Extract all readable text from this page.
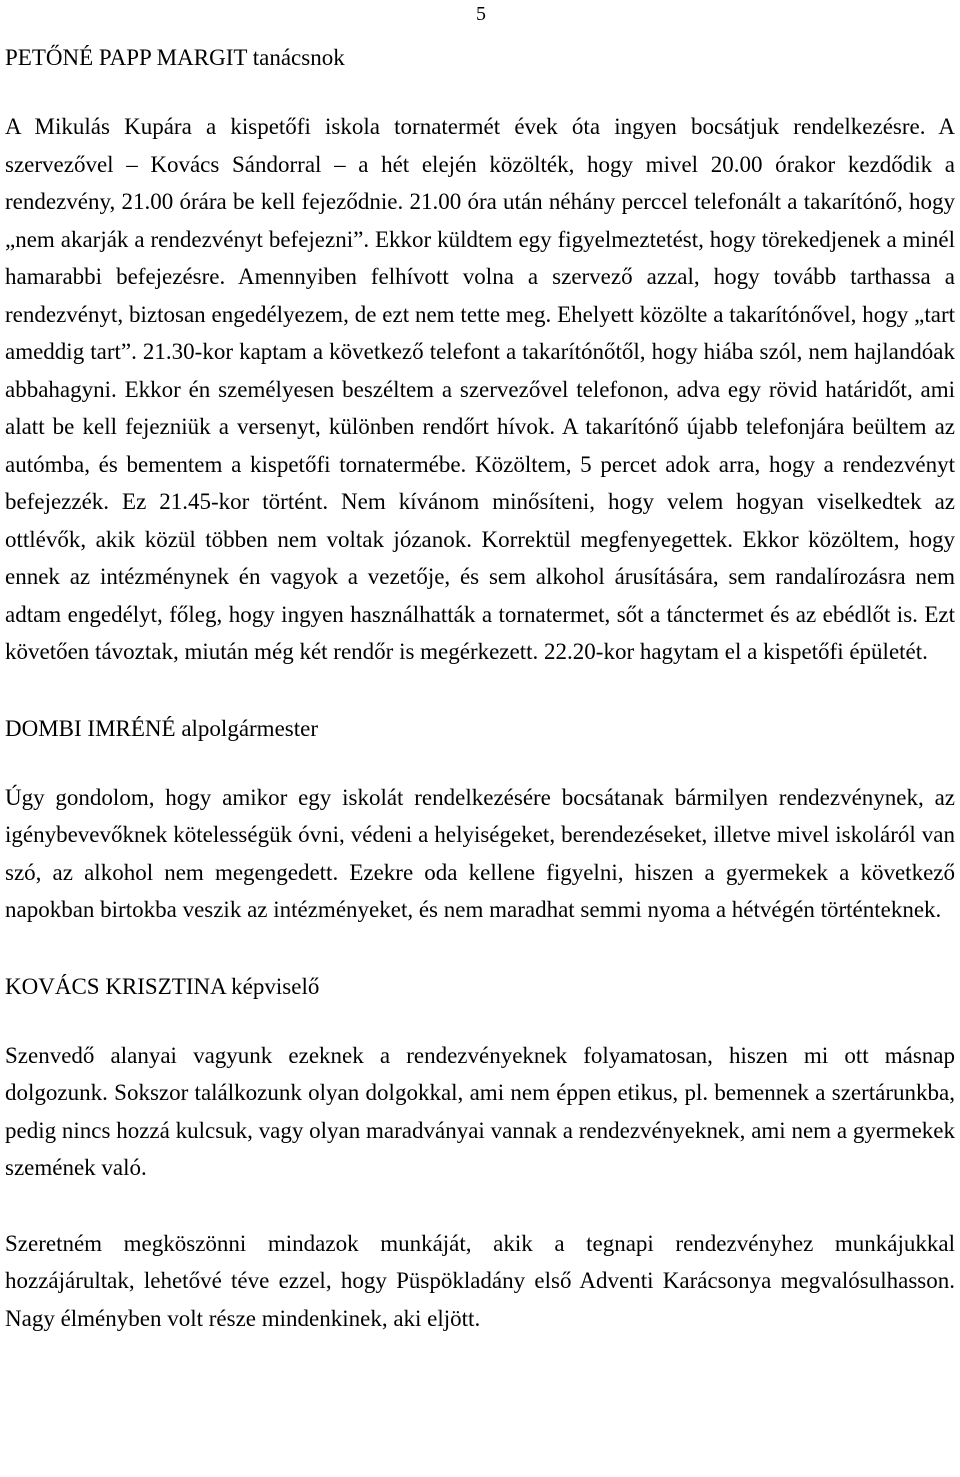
5

PETŐNÉ PAPP MARGIT tanácsnok

A Mikulás Kupára a kispetőfi iskola tornatermét évek óta ingyen bocsátjuk rendelkezésre. A szervezővel – Kovács Sándorral – a hét elején közölték, hogy mivel 20.00 órakor kezdődik a rendezvény, 21.00 órára be kell fejeződnie. 21.00 óra után néhány perccel telefonált a takarítónő, hogy „nem akarják a rendezvényt befejezni”. Ekkor küldtem egy figyelmeztetést, hogy törekedjenek a minél hamarabbi befejezésre. Amennyiben felhívott volna a szervező azzal, hogy tovább tarthassa a rendezvényt, biztosan engedélyezem, de ezt nem tette meg. Ehelyett közölte a takarítónővel, hogy „tart ameddig tart”. 21.30-kor kaptam a következő telefont a takarítónőtől, hogy hiába szól, nem hajlandóak abbahagyni. Ekkor én személyesen beszéltem a szervezővel telefonon, adva egy rövid határidőt, ami alatt be kell fejezniük a versenyt, különben rendőrt hívok. A takarítónő újabb telefonjára beültem az autómba, és bementem a kispetőfi tornatermébe. Közöltem, 5 percet adok arra, hogy a rendezvényt befejezzék. Ez 21.45-kor történt. Nem kívánom minősíteni, hogy velem hogyan viselkedtek az ottlévők, akik közül többen nem voltak józanok. Korrektül megfenyegettek. Ekkor közöltem, hogy ennek az intézménynek én vagyok a vezetője, és sem alkohol árusítására, sem randalírozásra nem adtam engedélyt, főleg, hogy ingyen használhatták a tornatermet, sőt a tánctermet és az ebédlőt is. Ezt követően távoztak, miután még két rendőr is megérkezett. 22.20-kor hagytam el a kispetőfi épületét.

DOMBI IMRÉNÉ alpolgármester

Úgy gondolom, hogy amikor egy iskolát rendelkezésére bocsátanak bármilyen rendezvénynek, az igénybevevőknek kötelességük óvni, védeni a helyiségeket, berendezéseket, illetve mivel iskoláról van szó, az alkohol nem megengedett. Ezekre oda kellene figyelni, hiszen a gyermekek a következő napokban birtokba veszik az intézményeket, és nem maradhat semmi nyoma a hétvégén történteknek.

KOVÁCS KRISZTINA képviselő

Szenvedő alanyai vagyunk ezeknek a rendezvényeknek folyamatosan, hiszen mi ott másnap dolgozunk. Sokszor találkozunk olyan dolgokkal, ami nem éppen etikus, pl. bemennek a szertárunkba, pedig nincs hozzá kulcsuk, vagy olyan maradványai vannak a rendezvényeknek, ami nem a gyermekek szemének való.

Szeretném megköszönni mindazok munkáját, akik a tegnapi rendezvényhez munkájukkal hozzájárultak, lehetővé téve ezzel, hogy Püspökladány első Adventi Karácsonya megvalósulhasson. Nagy élményben volt része mindenkinek, aki eljött.
